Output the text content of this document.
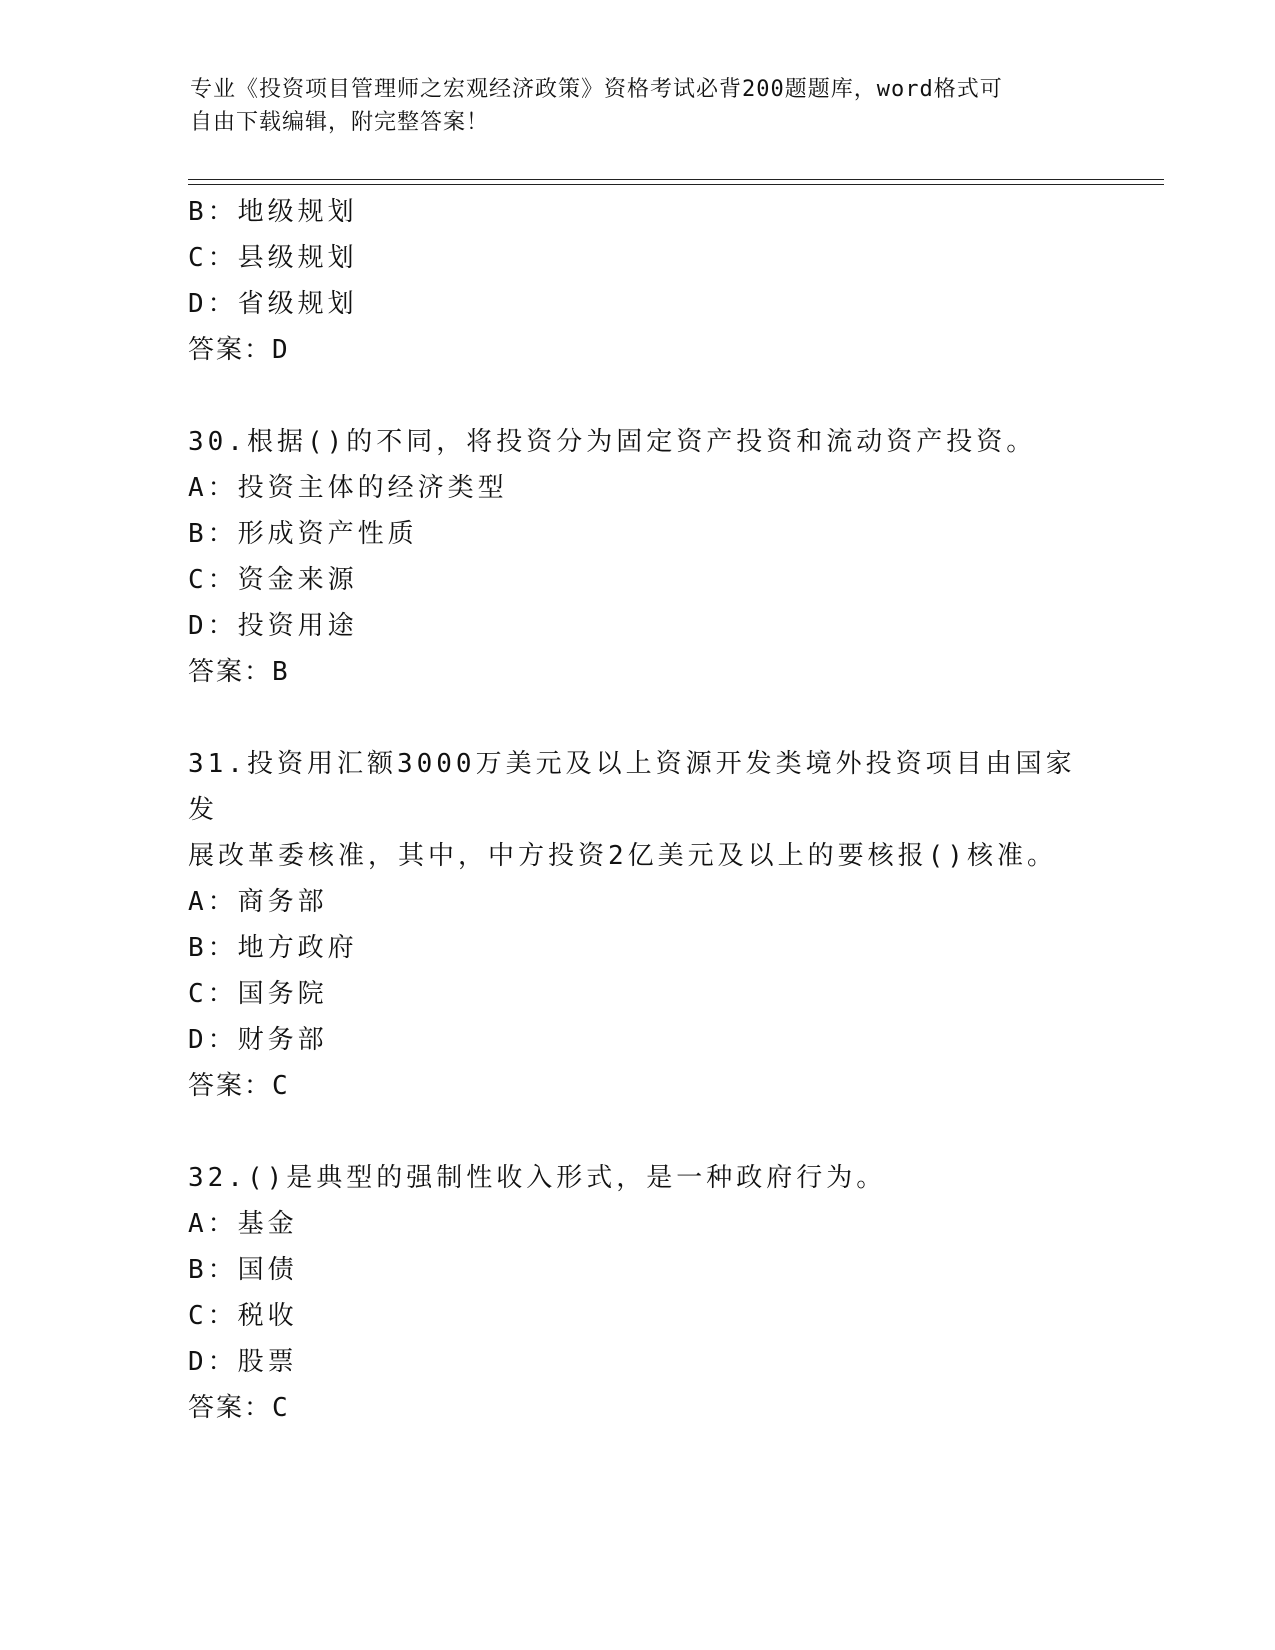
专业《投资项目管理师之宏观经济政策》资格考试必背200题题库，word格式可
自由下载编辑，附完整答案！
B：地级规划
C：县级规划
D：省级规划
答案：D
30.根据()的不同，将投资分为固定资产投资和流动资产投资。
A：投资主体的经济类型
B：形成资产性质
C：资金来源
D：投资用途
答案：B
31.投资用汇额3000万美元及以上资源开发类境外投资项目由国家发
展改革委核准，其中，中方投资2亿美元及以上的要核报()核准。
A：商务部
B：地方政府
C：国务院
D：财务部
答案：C
32.()是典型的强制性收入形式，是一种政府行为。
A：基金
B：国债
C：税收
D：股票
答案：C
